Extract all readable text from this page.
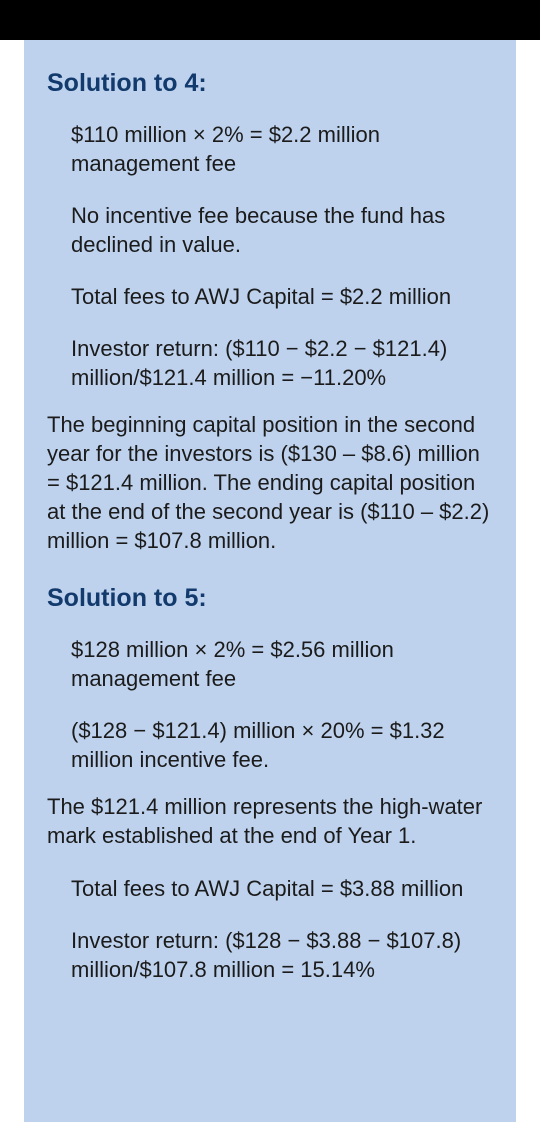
Solution to 4:
$110 million × 2% = $2.2 million management fee
No incentive fee because the fund has declined in value.
Total fees to AWJ Capital = $2.2 million
Investor return: ($110 − $2.2 − $121.4) million/$121.4 million = −11.20%
The beginning capital position in the second year for the investors is ($130 – $8.6) million = $121.4 million. The ending capital position at the end of the second year is ($110 – $2.2) million = $107.8 million.
Solution to 5:
$128 million × 2% = $2.56 million management fee
($128 − $121.4) million × 20% = $1.32 million incentive fee.
The $121.4 million represents the high-water mark established at the end of Year 1.
Total fees to AWJ Capital = $3.88 million
Investor return: ($128 − $3.88 − $107.8) million/$107.8 million = 15.14%
